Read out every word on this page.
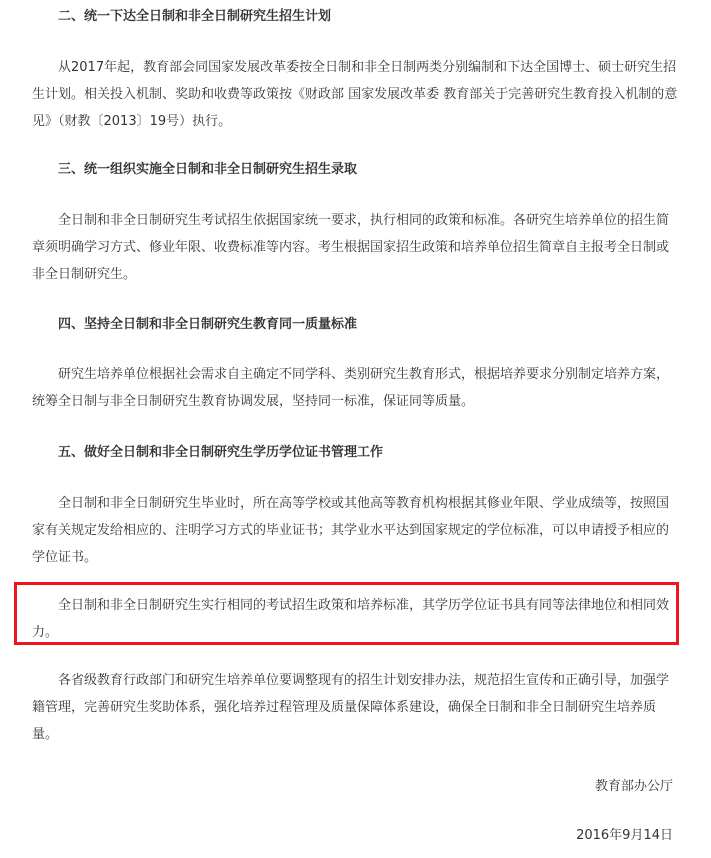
二、统一下达全日制和非全日制研究生招生计划

从2017年起，教育部会同国家发展改革委按全日制和非全日制两类分别编制和下达全国博士、硕士研究生招生计划。相关投入机制、奖助和收费等政策按《财政部 国家发展改革委 教育部关于完善研究生教育投入机制的意见》（财教〔2013〕19号）执行。

三、统一组织实施全日制和非全日制研究生招生录取

全日制和非全日制研究生考试招生依据国家统一要求，执行相同的政策和标准。各研究生培养单位的招生简章须明确学习方式、修业年限、收费标准等内容。考生根据国家招生政策和培养单位招生简章自主报考全日制或非全日制研究生。

四、坚持全日制和非全日制研究生教育同一质量标准

研究生培养单位根据社会需求自主确定不同学科、类别研究生教育形式，根据培养要求分别制定培养方案，统筹全日制与非全日制研究生教育协调发展，坚持同一标准，保证同等质量。

五、做好全日制和非全日制研究生学历学位证书管理工作

全日制和非全日制研究生毕业时，所在高等学校或其他高等教育机构根据其修业年限、学业成绩等，按照国家有关规定发给相应的、注明学习方式的毕业证书；其学业水平达到国家规定的学位标准，可以申请授予相应的学位证书。

全日制和非全日制研究生实行相同的考试招生政策和培养标准，其学历学位证书具有同等法律地位和相同效力。

各省级教育行政部门和研究生培养单位要调整现有的招生计划安排办法，规范招生宣传和正确引导，加强学籍管理，完善研究生奖助体系，强化培养过程管理及质量保障体系建设，确保全日制和非全日制研究生培养质量。

教育部办公厅
2016年9月14日
